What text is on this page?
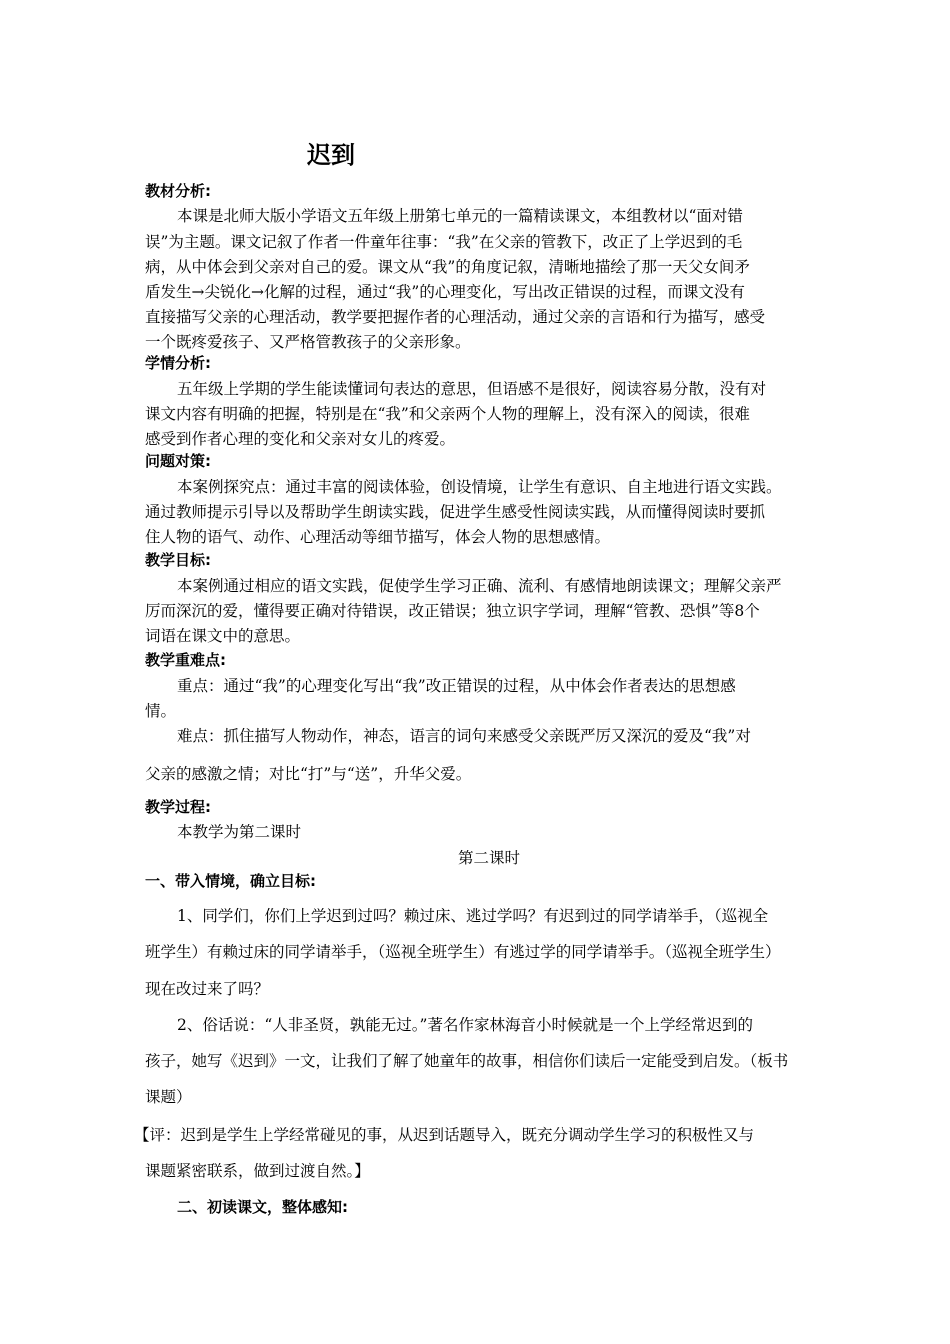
迟到
教材分析:
本课是北师大版小学语文五年级上册第七单元的一篇精读课文，本组教材以“面对错
误”为主题。课文记叙了作者一件童年往事：“我”在父亲的管教下，改正了上学迟到的毛
病，从中体会到父亲对自己的爱。课文从“我”的角度记叙，清晰地描绘了那一天父女间矛
盾发生→尖锐化→化解的过程，通过“我”的心理变化，写出改正错误的过程，而课文没有
直接描写父亲的心理活动，教学要把握作者的心理活动，通过父亲的言语和行为描写，感受
一个既疼爱孩子、又严格管教孩子的父亲形象。
学情分析:
五年级上学期的学生能读懂词句表达的意思，但语感不是很好，阅读容易分散，没有对
课文内容有明确的把握，特别是在“我”和父亲两个人物的理解上，没有深入的阅读，很难
感受到作者心理的变化和父亲对女儿的疼爱。
问题对策:
本案例探究点：通过丰富的阅读体验，创设情境，让学生有意识、自主地进行语文实践。
通过教师提示引导以及帮助学生朗读实践，促进学生感受性阅读实践，从而懂得阅读时要抓
住人物的语气、动作、心理活动等细节描写，体会人物的思想感情。
教学目标:
本案例通过相应的语文实践，促使学生学习正确、流利、有感情地朗读课文；理解父亲严
厉而深沉的爱，懂得要正确对待错误，改正错误；独立识字学词，理解“管教、恐惧”等8个
词语在课文中的意思。
教学重难点:
重点：通过“我”的心理变化写出“我”改正错误的过程，从中体会作者表达的思想感
情。
难点：抓住描写人物动作，神态，语言的词句来感受父亲既严厉又深沉的爱及“我”对
父亲的感激之情；对比“打”与“送”，升华父爱。
教学过程:
本教学为第二课时
第二课时
一、带入情境，确立目标:
1、同学们，你们上学迟到过吗？赖过床、逃过学吗？有迟到过的同学请举手，（巡视全
班学生）有赖过床的同学请举手，（巡视全班学生）有逃过学的同学请举手。（巡视全班学生）
现在改过来了吗？
2、俗话说：“人非圣贤，孰能无过。”著名作家林海音小时候就是一个上学经常迟到的
孩子，她写《迟到》一文，让我们了解了她童年的故事，相信你们读后一定能受到启发。（板书
课题）
【评：迟到是学生上学经常碰见的事，从迟到话题导入，既充分调动学生学习的积极性又与
课题紧密联系，做到过渡自然。】
二、初读课文，整体感知:
